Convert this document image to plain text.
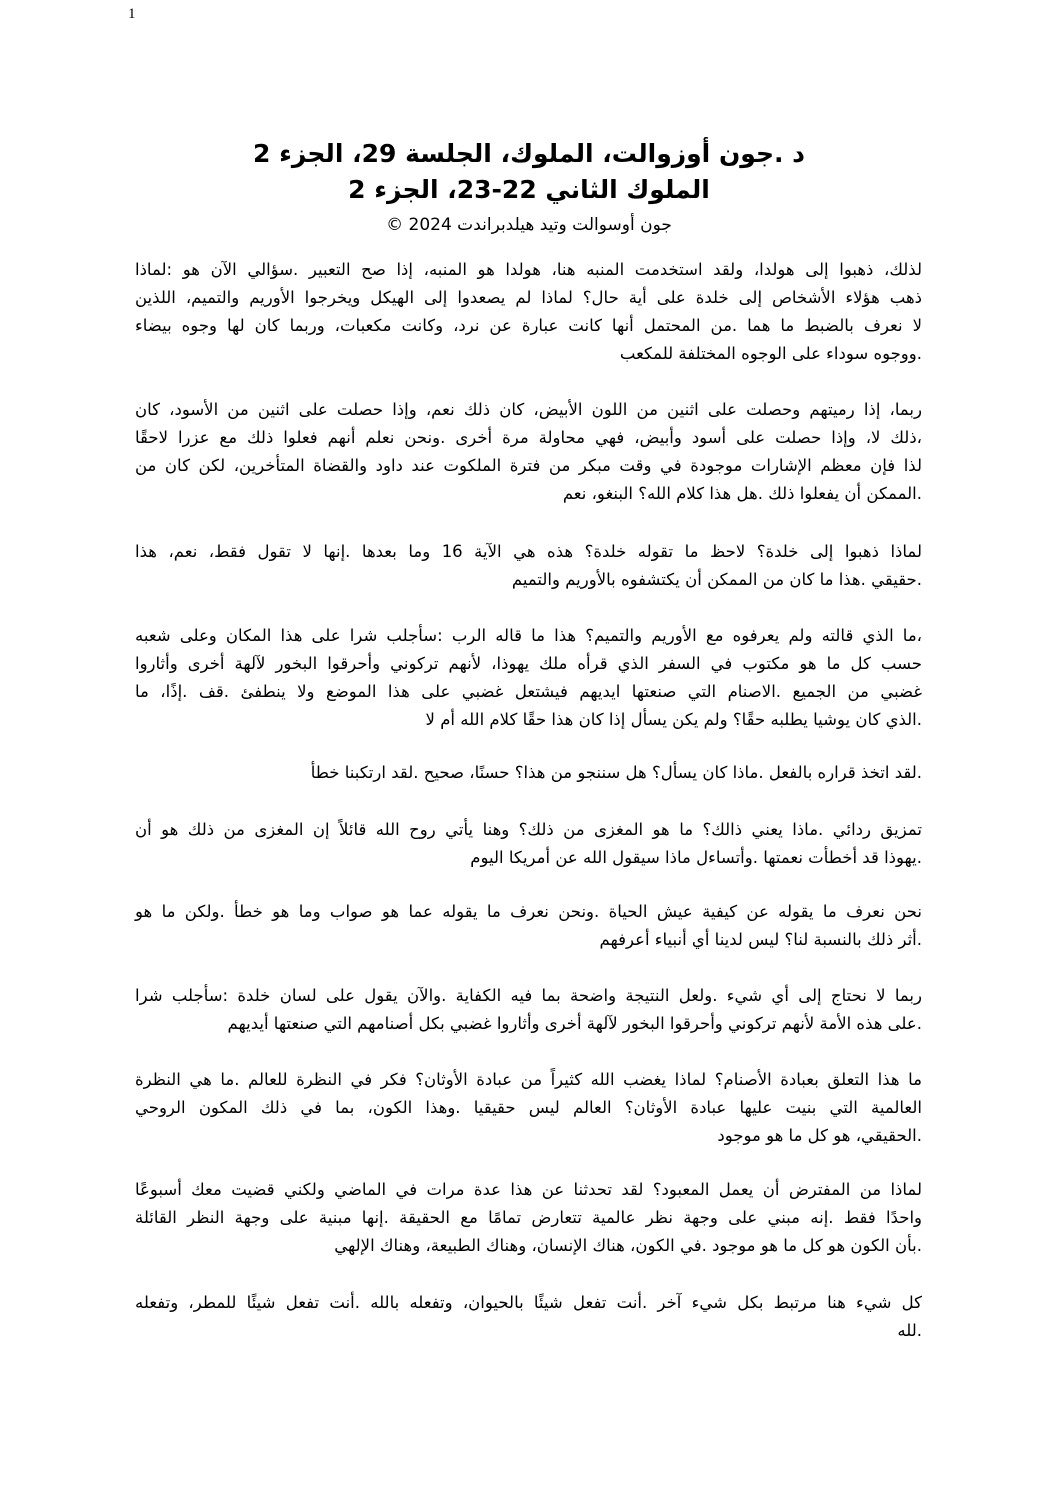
1
د .جون أوزوالت، الملوك، الجلسة 29، الجزء 2
الملوك الثاني 22-23، الجزء 2
جون أوسوالت وتيد هيلدبراندت 2024 ©
لذلك، ذهبوا إلى هولدا، ولقد استخدمت المنبه هنا، هولدا هو المنبه، إذا صح التعبير .سؤالي الآن هو :لماذا
ذهب هؤلاء الأشخاص إلى خلدة على أية حال؟ لماذا لم يصعدوا إلى الهيكل ويخرجوا الأوريم والتميم، اللذين
لا نعرف بالضبط ما هما .من المحتمل أنها كانت عبارة عن نرد، وكانت مكعبات، وربما كان لها وجوه بيضاء
.ووجوه سوداء على الوجوه المختلفة للمكعب
ربما، إذا رميتهم وحصلت على اثنين من اللون الأبيض، كان ذلك نعم، وإذا حصلت على اثنين من الأسود، كان
،ذلك لا، وإذا حصلت على أسود وأبيض، فهي محاولة مرة أخرى .ونحن نعلم أنهم فعلوا ذلك مع عزرا لاحقًا
لذا فإن معظم الإشارات موجودة في وقت مبكر من فترة الملكوت عند داود والقضاة المتأخرين، لكن كان من
.الممكن أن يفعلوا ذلك .هل هذا كلام الله؟ البنغو، نعم
لماذا ذهبوا إلى خلدة؟ لاحظ ما تقوله خلدة؟ هذه هي الآية 16 وما بعدها .إنها لا تقول فقط، نعم، هذا
.حقيقي .هذا ما كان من الممكن أن يكتشفوه بالأوريم والتميم
،ما الذي قالته ولم يعرفوه مع الأوريم والتميم؟ هذا ما قاله الرب :سأجلب شرا على هذا المكان وعلى شعبه
حسب كل ما هو مكتوب في السفر الذي قرأه ملك يهوذا، لأنهم تركوني وأحرقوا البخور لآلهة أخرى وأثاروا
غضبي من الجميع .الاصنام التي صنعتها ايديهم فيشتعل غضبي على هذا الموضع ولا ينطفئ .قف .إذًا، ما
.الذي كان يوشيا يطلبه حقًا؟ ولم يكن يسأل إذا كان هذا حقًا كلام الله أم لا
.لقد اتخذ قراره بالفعل .ماذا كان يسأل؟ هل سننجو من هذا؟ حسنًا، صحيح .لقد ارتكبنا خطأ
تمزيق ردائي .ماذا يعني ذالك؟ ما هو المغزى من ذلك؟ وهنا يأتي روح الله قائلاً إن المغزى من ذلك هو أن
.يهوذا قد أخطأت نعمتها .وأتساءل ماذا سيقول الله عن أمريكا اليوم
نحن نعرف ما يقوله عن كيفية عيش الحياة .ونحن نعرف ما يقوله عما هو صواب وما هو خطأ .ولكن ما هو
.أثر ذلك بالنسبة لنا؟ ليس لدينا أي أنبياء أعرفهم
ربما لا نحتاج إلى أي شيء .ولعل النتيجة واضحة بما فيه الكفاية .والآن يقول على لسان خلدة :سأجلب شرا
.على هذه الأمة لأنهم تركوني وأحرقوا البخور لآلهة أخرى وأثاروا غضبي بكل أصنامهم التي صنعتها أيديهم
ما هذا التعلق بعبادة الأصنام؟ لماذا يغضب الله كثيراً من عبادة الأوثان؟ فكر في النظرة للعالم .ما هي النظرة
العالمية التي بنيت عليها عبادة الأوثان؟ العالم ليس حقيقيا .وهذا الكون، بما في ذلك المكون الروحي
.الحقيقي، هو كل ما هو موجود
لماذا من المفترض أن يعمل المعبود؟ لقد تحدثنا عن هذا عدة مرات في الماضي ولكني قضيت معك أسبوعًا
واحدًا فقط .إنه مبني على وجهة نظر عالمية تتعارض تمامًا مع الحقيقة .إنها مبنية على وجهة النظر القائلة
.بأن الكون هو كل ما هو موجود .في الكون، هناك الإنسان، وهناك الطبيعة، وهناك الإلهي
كل شيء هنا مرتبط بكل شيء آخر .أنت تفعل شيئًا بالحيوان، وتفعله بالله .أنت تفعل شيئًا للمطر، وتفعله
.لله
